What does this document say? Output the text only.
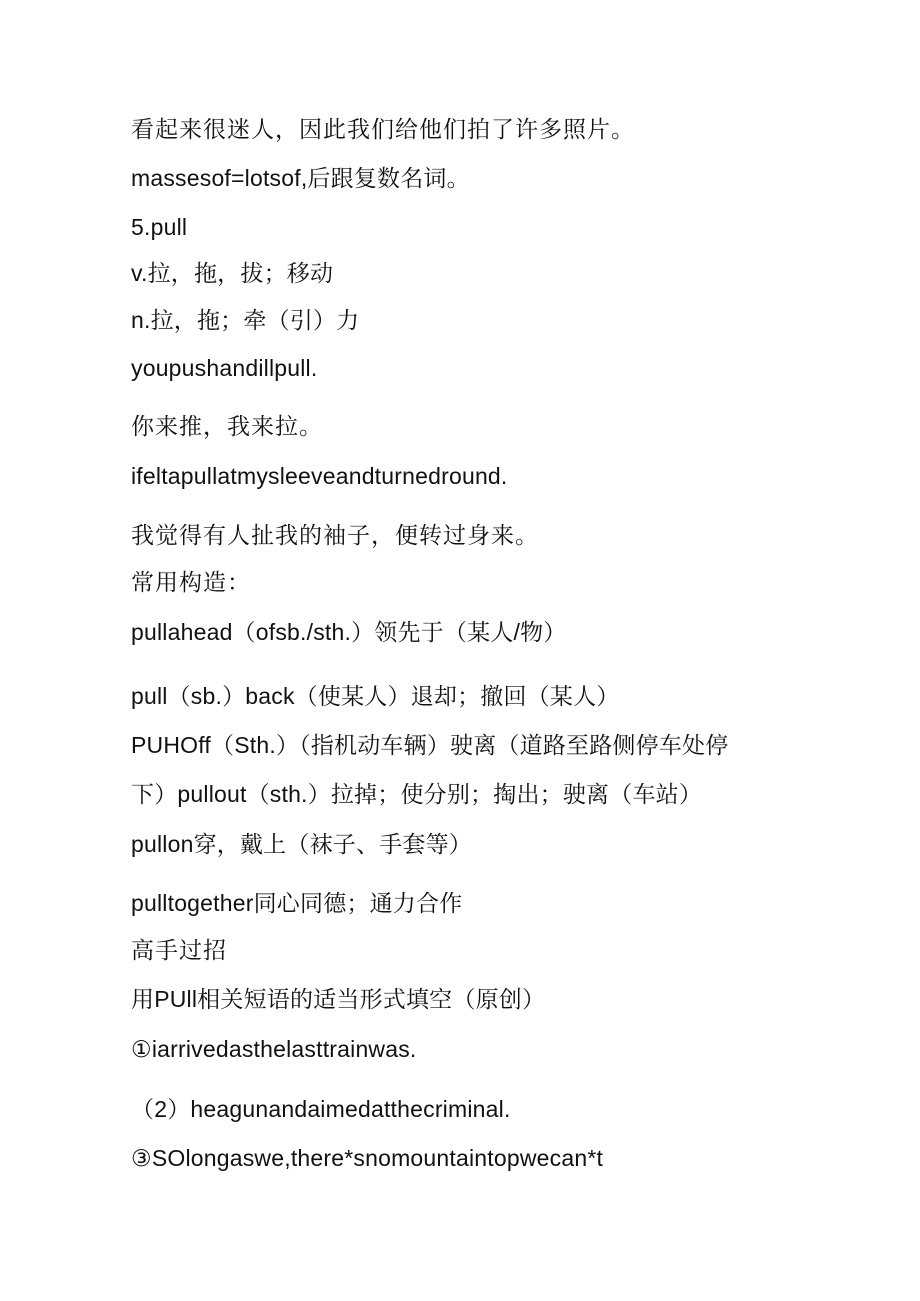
看起来很迷人，因此我们给他们拍了许多照片。
massesof=lotsof,后跟复数名词。
5.pull
v.拉，拖，拔；移动
n.拉，拖；牵（引）力
youpushandillpull.
你来推，我来拉。
ifeltapullatmysleeveandturnedround.
我觉得有人扯我的袖子，便转过身来。
常用构造：
pullahead（ofsb./sth.）领先于（某人/物）
pull（sb.）back（使某人）退却；撤回（某人）
PUHOff（Sth.）（指机动车辆）驶离（道路至路侧停车处停
下）pullout（sth.）拉掉；使分别；掏出；驶离（车站）
pullon穿，戴上（袜子、手套等）
pulltogether同心同德；通力合作
高手过招
用PUll相关短语的适当形式填空（原创）
①iarrivedasthelasttrainwas.
（2）heagunandaimedatthecriminal.
③SOlongaswe,there*snomountaintopwecan*t
